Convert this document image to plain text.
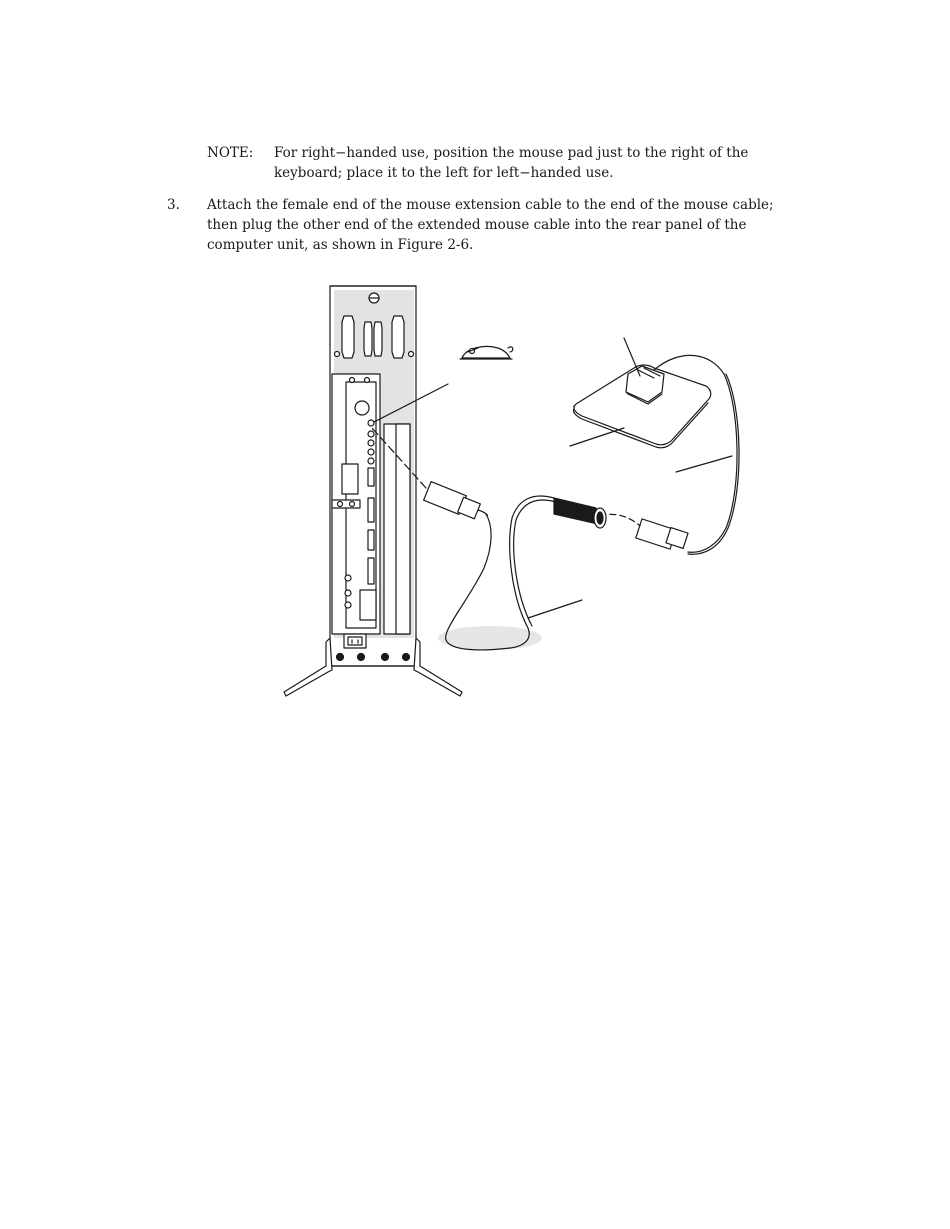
NOTE: For right−handed use, position the mouse pad just to the right of the keyboard; place it to the left for left−handed use.
3. Attach the female end of the mouse extension cable to the end of the mouse cable; then plug the other end of the extended mouse cable into the rear panel of the computer unit, as shown in Figure 2-6.
